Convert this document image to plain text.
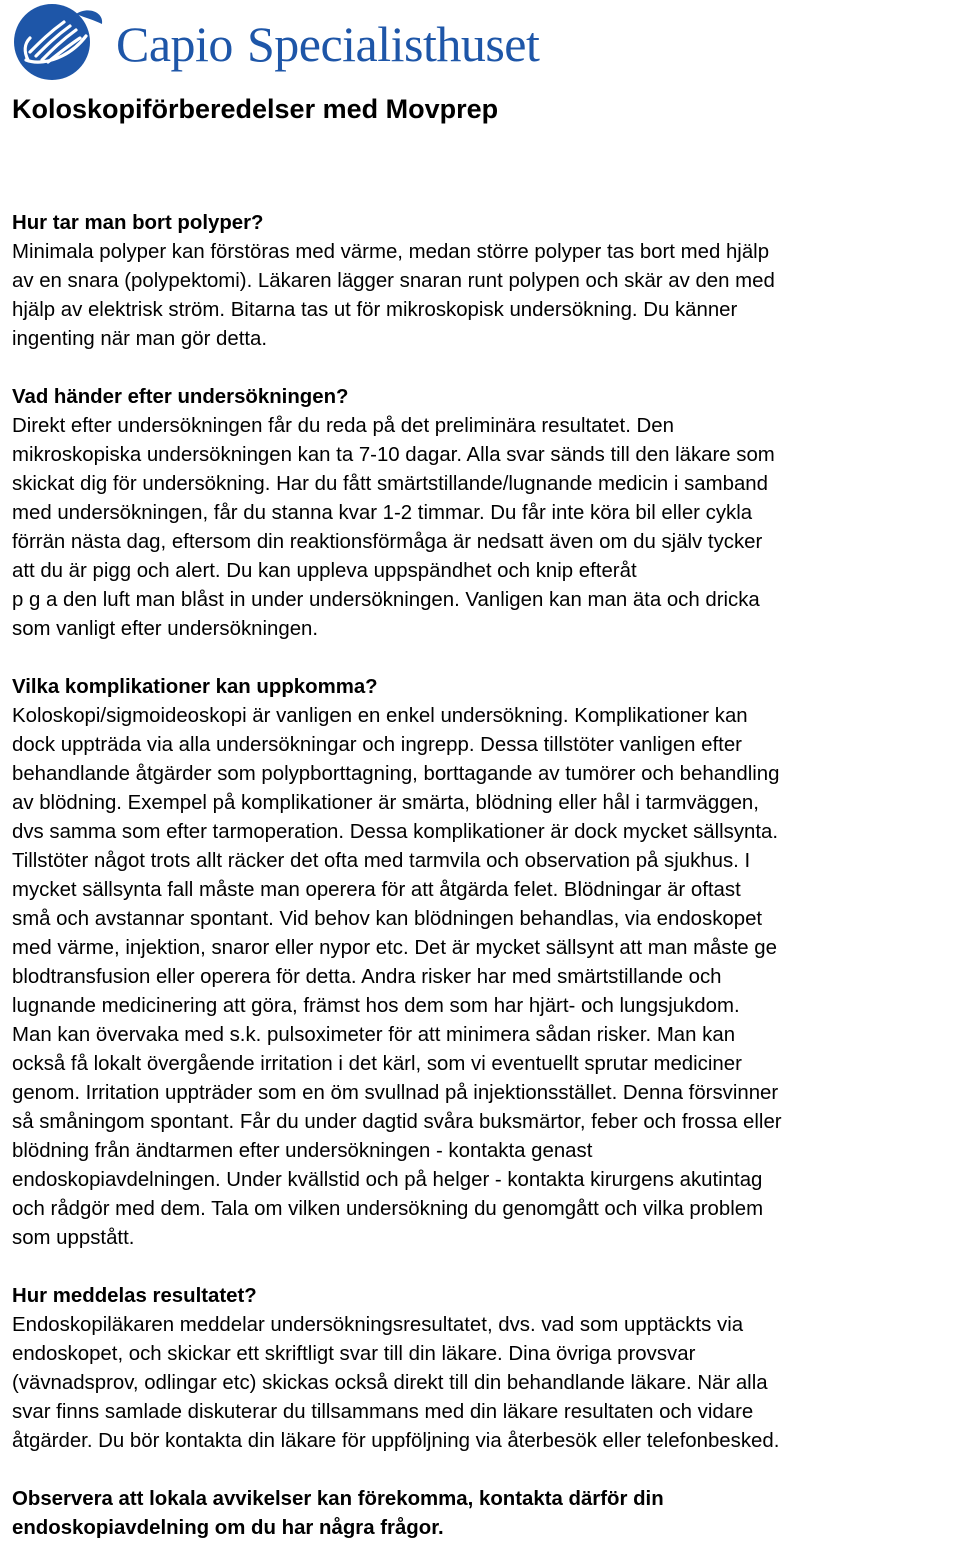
Capio Specialisthuset
Koloskopiförberedelser med Movprep
Hur tar man bort polyper?

Minimala polyper kan förstöras med värme, medan större polyper tas bort med hjälp
av en snara (polypektomi). Läkaren lägger snaran runt polypen och skär av den med
hjälp av elektrisk ström. Bitarna tas ut för mikroskopisk undersökning. Du känner
ingenting när man gör detta.

Vad händer efter undersökningen?

Direkt efter undersökningen får du reda på det preliminära resultatet. Den
mikroskopiska undersökningen kan ta 7-10 dagar. Alla svar sänds till den läkare som
skickat dig för undersökning. Har du fått smärtstillande/lugnande medicin i samband
med undersökningen, får du stanna kvar 1-2 timmar. Du får inte köra bil eller cykla
förrän nästa dag, eftersom din reaktionsförmåga är nedsatt även om du själv tycker
att du är pigg och alert. Du kan uppleva uppspändhet och knip efteråt
p g a den luft man blåst in under undersökningen. Vanligen kan man äta och dricka
som vanligt efter undersökningen.

Vilka komplikationer kan uppkomma?

Koloskopi/sigmoideoskopi är vanligen en enkel undersökning. Komplikationer kan
dock uppträda via alla undersökningar och ingrepp. Dessa tillstöter vanligen efter
behandlande åtgärder som polypborttagning, borttagande av tumörer och behandling
av blödning. Exempel på komplikationer är smärta, blödning eller hål i tarmväggen,
dvs samma som efter tarmoperation. Dessa komplikationer är dock mycket sällsynta.
Tillstöter något trots allt räcker det ofta med tarmvila och observation på sjukhus. I
mycket sällsynta fall måste man operera för att åtgärda felet. Blödningar är oftast
små och avstannar spontant. Vid behov kan blödningen behandlas, via endoskopet
med värme, injektion, snaror eller nypor etc. Det är mycket sällsynt att man måste ge
blodtransfusion eller operera för detta. Andra risker har med smärtstillande och
lugnande medicinering att göra, främst hos dem som har hjärt- och lungsjukdom.
Man kan övervaka med s.k. pulsoximeter för att minimera sådan risker. Man kan
också få lokalt övergående irritation i det kärl, som vi eventuellt sprutar mediciner
genom. Irritation uppträder som en öm svullnad på injektionsstället. Denna försvinner
så småningom spontant. Får du under dagtid svåra buksmärtor, feber och frossa eller
blödning från ändtarmen efter undersökningen - kontakta genast
endoskopiavdelningen. Under kvällstid och på helger - kontakta kirurgens akutintag
och rådgör med dem. Tala om vilken undersökning du genomgått och vilka problem
som uppstått.

Hur meddelas resultatet?

Endoskopiläkaren meddelar undersökningsresultatet, dvs. vad som upptäckts via
endoskopet, och skickar ett skriftligt svar till din läkare. Dina övriga provsvar
(vävnadsprov, odlingar etc) skickas också direkt till din behandlande läkare. När alla
svar finns samlade diskuterar du tillsammans med din läkare resultaten och vidare
åtgärder. Du bör kontakta din läkare för uppföljning via återbesök eller telefonbesked.

Observera att lokala avvikelser kan förekomma, kontakta därför din
endoskopiavdelning om du har några frågor.
